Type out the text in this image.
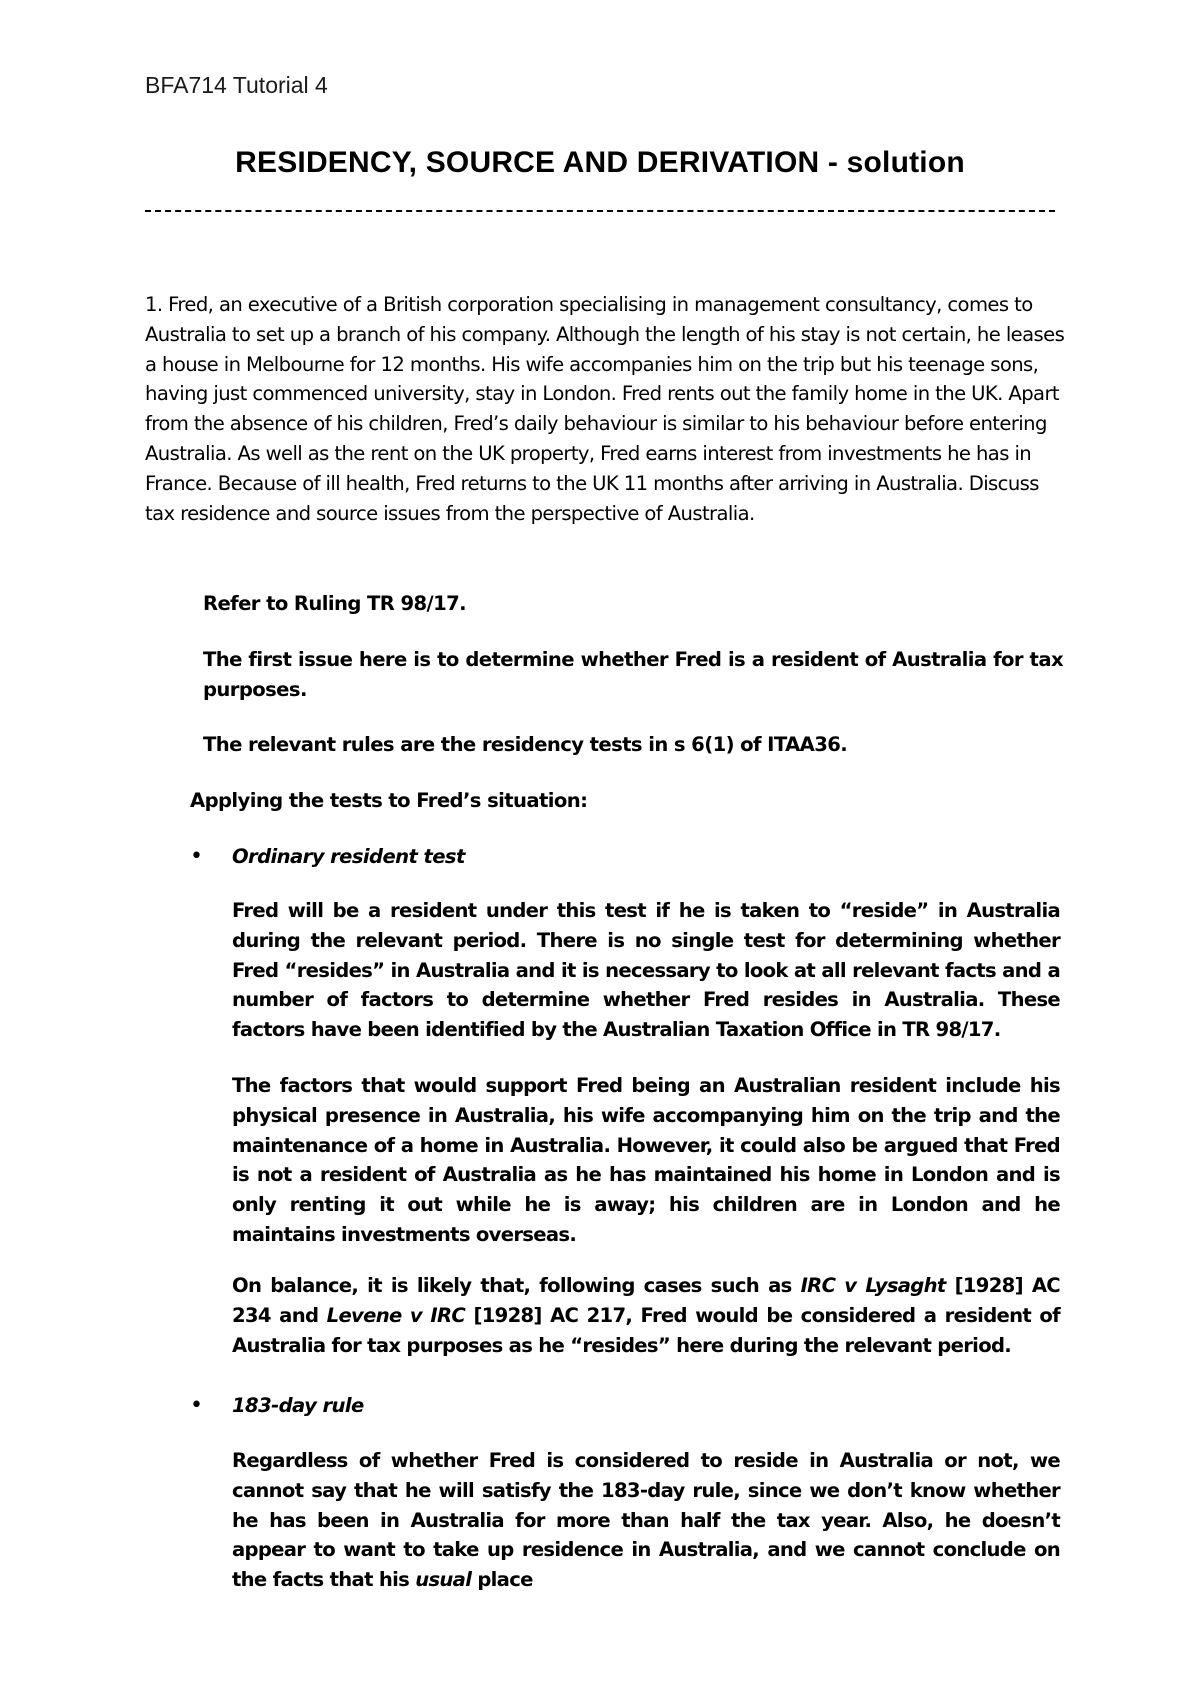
BFA714 Tutorial 4
RESIDENCY, SOURCE AND DERIVATION - solution
1. Fred, an executive of a British corporation specialising in management consultancy, comes to Australia to set up a branch of his company. Although the length of his stay is not certain, he leases a house in Melbourne for 12 months. His wife accompanies him on the trip but his teenage sons, having just commenced university, stay in London. Fred rents out the family home in the UK. Apart from the absence of his children, Fred’s daily behaviour is similar to his behaviour before entering Australia. As well as the rent on the UK property, Fred earns interest from investments he has in France. Because of ill health, Fred returns to the UK 11 months after arriving in Australia. Discuss tax residence and source issues from the perspective of Australia.
Refer to Ruling TR 98/17.
The first issue here is to determine whether Fred is a resident of Australia for tax purposes.
The relevant rules are the residency tests in s 6(1) of ITAA36.
Applying the tests to Fred’s situation:
• Ordinary resident test
Fred will be a resident under this test if he is taken to “reside” in Australia during the relevant period. There is no single test for determining whether Fred “resides” in Australia and it is necessary to look at all relevant facts and a number of factors to determine whether Fred resides in Australia. These factors have been identified by the Australian Taxation Office in TR 98/17.
The factors that would support Fred being an Australian resident include his physical presence in Australia, his wife accompanying him on the trip and the maintenance of a home in Australia. However, it could also be argued that Fred is not a resident of Australia as he has maintained his home in London and is only renting it out while he is away; his children are in London and he maintains investments overseas.
On balance, it is likely that, following cases such as IRC v Lysaght [1928] AC 234 and Levene v IRC [1928] AC 217, Fred would be considered a resident of Australia for tax purposes as he “resides” here during the relevant period.
• 183-day rule
Regardless of whether Fred is considered to reside in Australia or not, we cannot say that he will satisfy the 183-day rule, since we don’t know whether he has been in Australia for more than half the tax year. Also, he doesn’t appear to want to take up residence in Australia, and we cannot conclude on the facts that his usual place
